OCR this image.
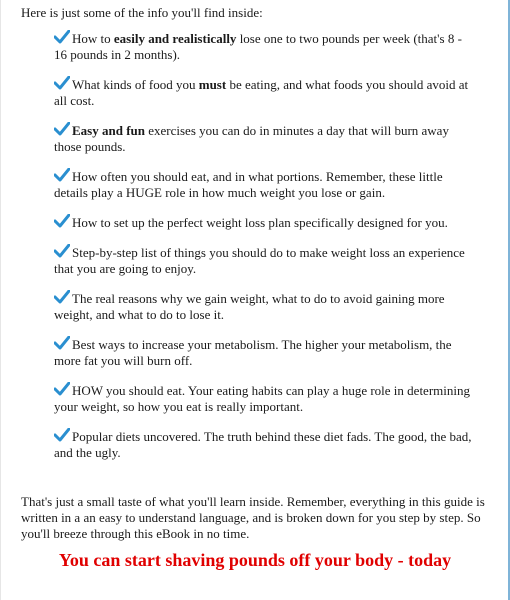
Here is just some of the info you'll find inside:

How to easily and realistically lose one to two pounds per week (that's 8 - 16 pounds in 2 months).
What kinds of food you must be eating, and what foods you should avoid at all cost.
Easy and fun exercises you can do in minutes a day that will burn away those pounds.
How often you should eat, and in what portions. Remember, these little details play a HUGE role in how much weight you lose or gain.
How to set up the perfect weight loss plan specifically designed for you.
Step-by-step list of things you should do to make weight loss an experience that you are going to enjoy.
The real reasons why we gain weight, what to do to avoid gaining more weight, and what to do to lose it.
Best ways to increase your metabolism. The higher your metabolism, the more fat you will burn off.
HOW you should eat. Your eating habits can play a huge role in determining your weight, so how you eat is really important.
Popular diets uncovered. The truth behind these diet fads. The good, the bad, and the ugly.

That's just a small taste of what you'll learn inside. Remember, everything in this guide is written in a an easy to understand language, and is broken down for you step by step. So you'll breeze through this eBook in no time.

You can start shaving pounds off your body - today
